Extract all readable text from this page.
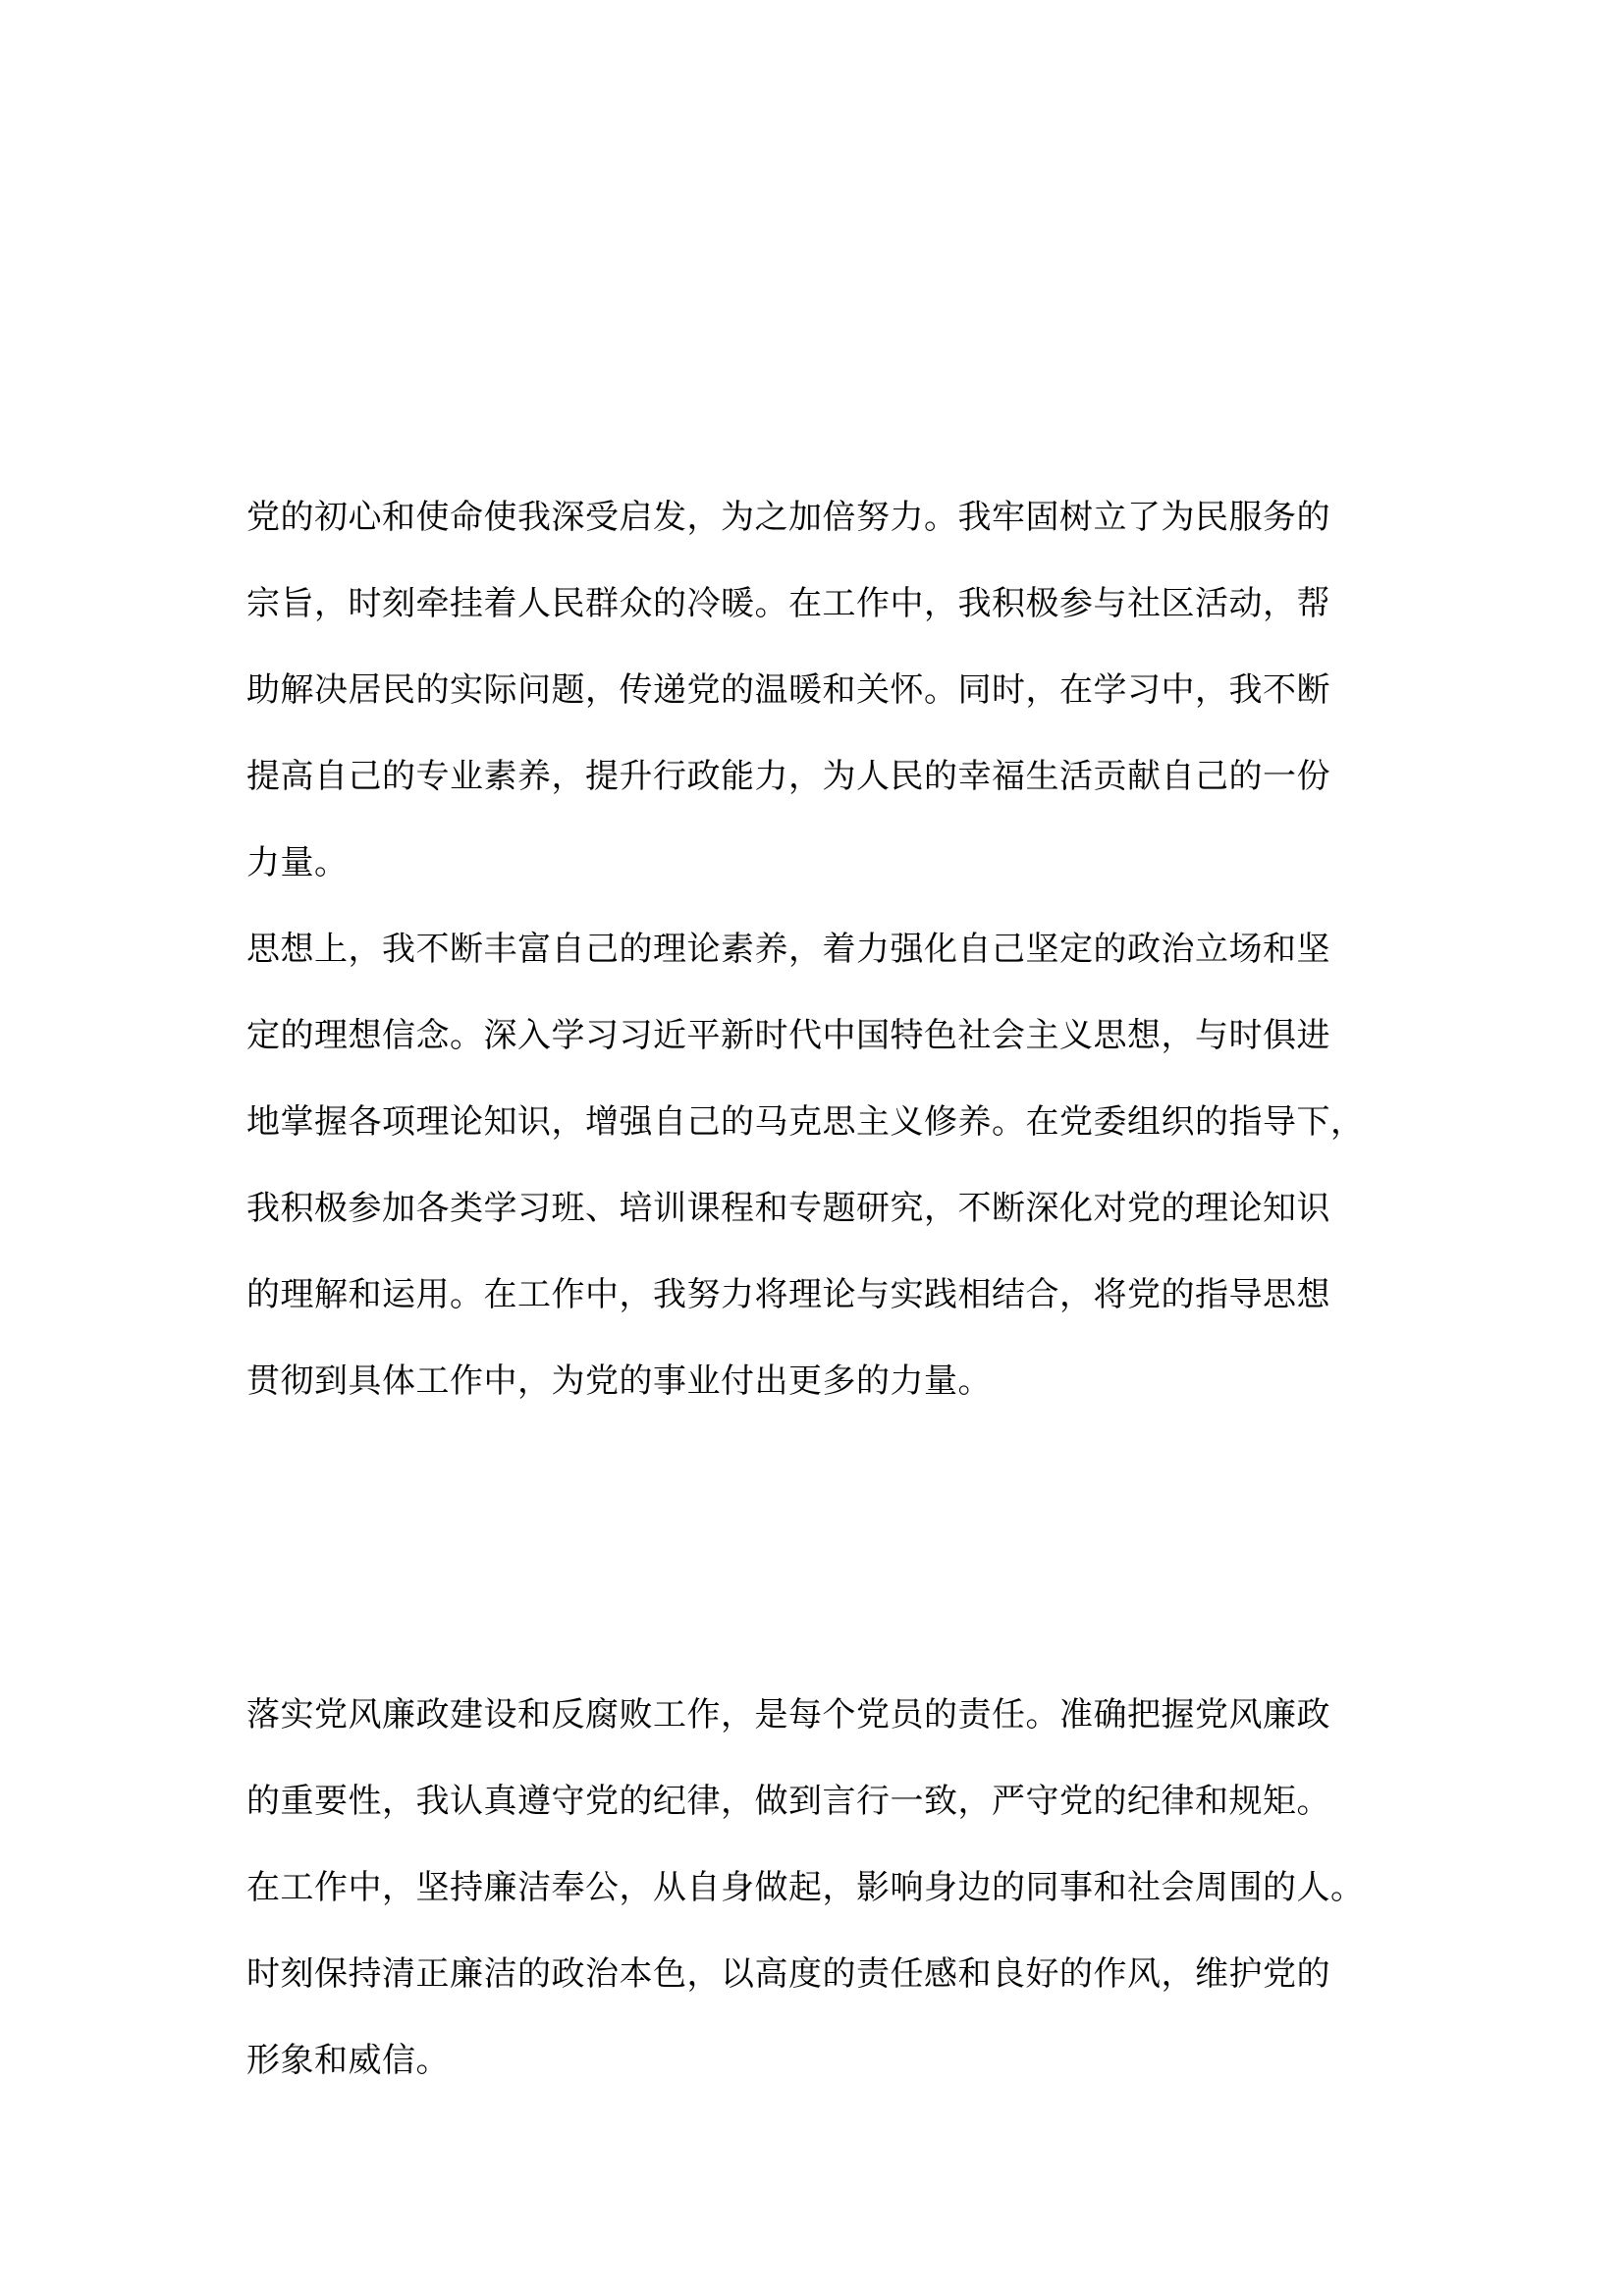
党的初心和使命使我深受启发，为之加倍努力。我牢固树立了为民服务的
宗旨，时刻牵挂着人民群众的冷暖。在工作中，我积极参与社区活动，帮
助解决居民的实际问题，传递党的温暖和关怀。同时，在学习中，我不断
提高自己的专业素养，提升行政能力，为人民的幸福生活贡献自己的一份
力量。
思想上，我不断丰富自己的理论素养，着力强化自己坚定的政治立场和坚
定的理想信念。深入学习习近平新时代中国特色社会主义思想，与时俱进
地掌握各项理论知识，增强自己的马克思主义修养。在党委组织的指导下，
我积极参加各类学习班、培训课程和专题研究，不断深化对党的理论知识
的理解和运用。在工作中，我努力将理论与实践相结合，将党的指导思想
贯彻到具体工作中，为党的事业付出更多的力量。
落实党风廉政建设和反腐败工作，是每个党员的责任。准确把握党风廉政
的重要性，我认真遵守党的纪律，做到言行一致，严守党的纪律和规矩。
在工作中，坚持廉洁奉公，从自身做起，影响身边的同事和社会周围的人。
时刻保持清正廉洁的政治本色，以高度的责任感和良好的作风，维护党的
形象和威信。
